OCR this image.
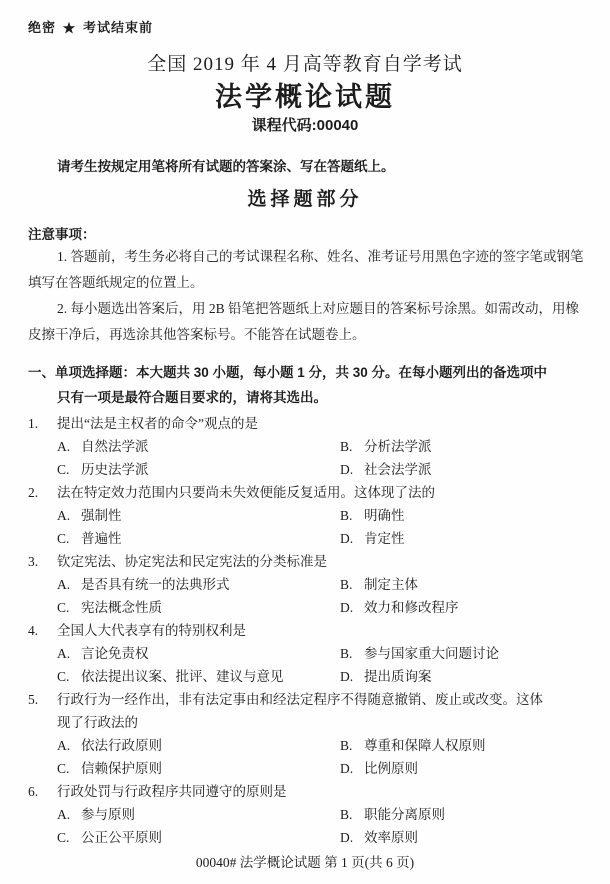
绝密 ★ 考试结束前
全国 2019 年 4 月高等教育自学考试
法学概论试题
课程代码:00040
请考生按规定用笔将所有试题的答案涂、写在答题纸上。
选择题部分
注意事项：
1. 答题前，考生务必将自己的考试课程名称、姓名、准考证号用黑色字迹的签字笔或钢笔
填写在答题纸规定的位置上。
2. 每小题选出答案后，用 2B 铅笔把答题纸上对应题目的答案标号涂黑。如需改动，用橡
皮擦干净后，再选涂其他答案标号。不能答在试题卷上。
一、单项选择题：本大题共 30 小题，每小题 1 分，共 30 分。在每小题列出的备选项中
只有一项是最符合题目要求的，请将其选出。
1.	提出“法是主权者的命令”观点的是
A. 自然法学派	B. 分析法学派
C. 历史法学派	D. 社会法学派
2.	法在特定效力范围内只要尚未失效便能反复适用。这体现了法的
A. 强制性	B. 明确性
C. 普遍性	D. 肯定性
3.	钦定宪法、协定宪法和民定宪法的分类标准是
A. 是否具有统一的法典形式	B. 制定主体
C. 宪法概念性质	D. 效力和修改程序
4.	全国人大代表享有的特别权利是
A. 言论免责权	B. 参与国家重大问题讨论
C. 依法提出议案、批评、建议与意见	D. 提出质询案
5.	行政行为一经作出，非有法定事由和经法定程序不得随意撤销、废止或改变。这体
现了行政法的
A. 依法行政原则	B. 尊重和保障人权原则
C. 信赖保护原则	D. 比例原则
6.	行政处罚与行政程序共同遵守的原则是
A. 参与原则	B. 职能分离原则
C. 公正公平原则	D. 效率原则
00040# 法学概论试题 第 1 页(共 6 页)
